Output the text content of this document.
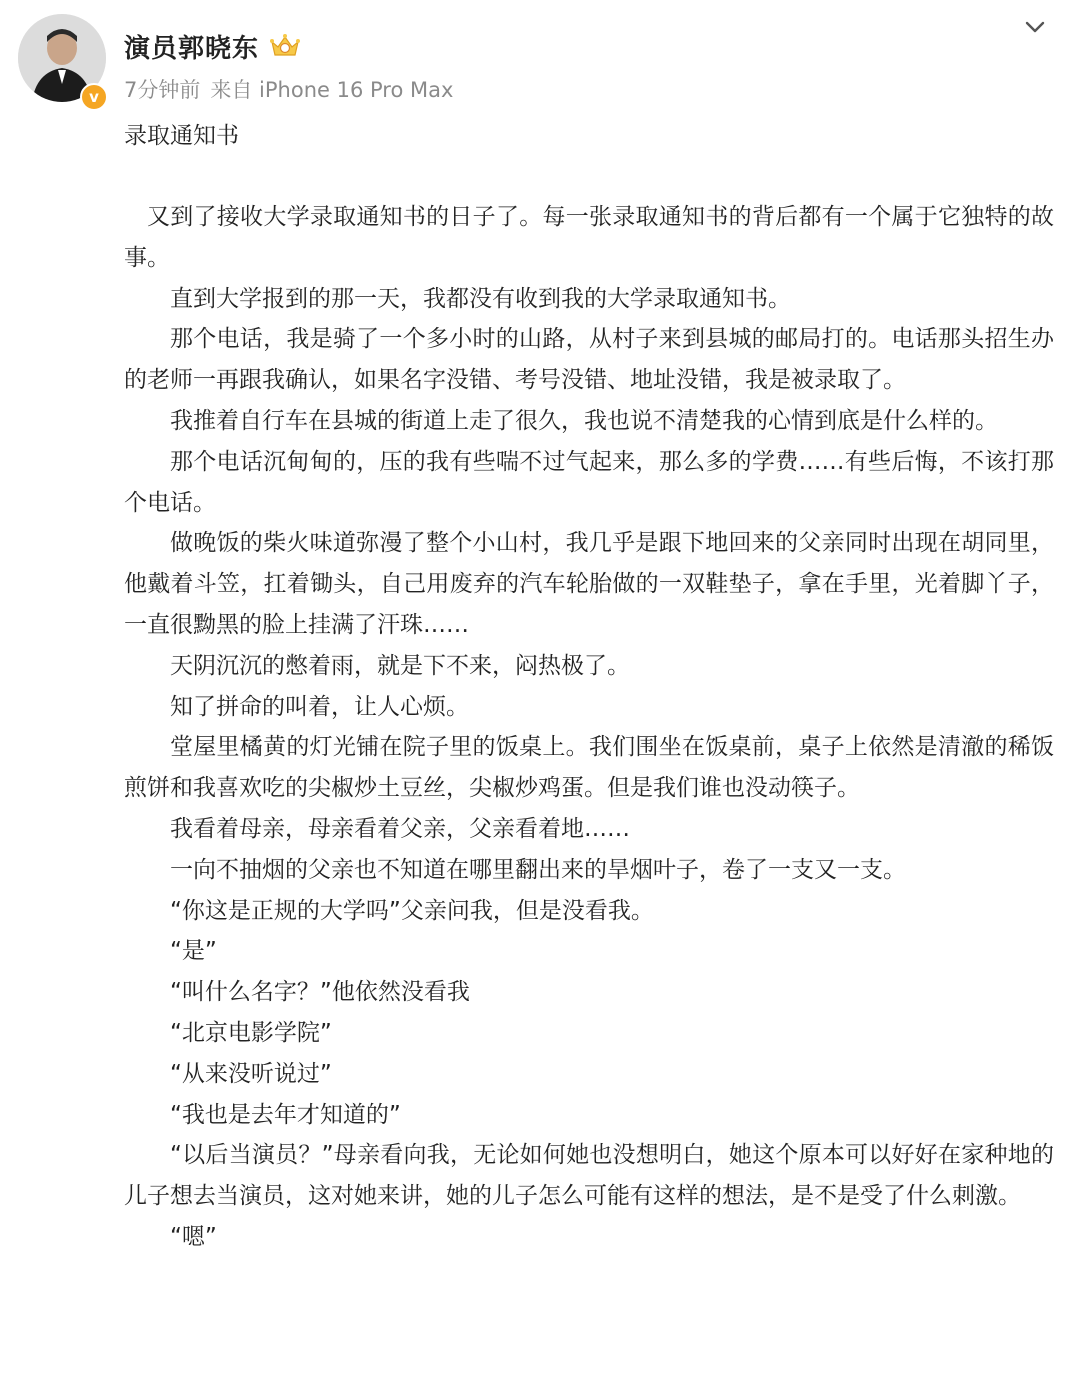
v
演员郭晓东
7分钟前 来自 iPhone 16 Pro Max

录取通知书

又到了接收大学录取通知书的日子了。每一张录取通知书的背后都有一个属于它独特的故事。

直到大学报到的那一天，我都没有收到我的大学录取通知书。

那个电话，我是骑了一个多小时的山路，从村子来到县城的邮局打的。电话那头招生办的老师一再跟我确认，如果名字没错、考号没错、地址没错，我是被录取了。

我推着自行车在县城的街道上走了很久，我也说不清楚我的心情到底是什么样的。

那个电话沉甸甸的，压的我有些喘不过气起来，那么多的学费……有些后悔，不该打那个电话。

做晚饭的柴火味道弥漫了整个小山村，我几乎是跟下地回来的父亲同时出现在胡同里，他戴着斗笠，扛着锄头，自己用废弃的汽车轮胎做的一双鞋垫子，拿在手里，光着脚丫子，一直很黝黑的脸上挂满了汗珠……

天阴沉沉的憋着雨，就是下不来，闷热极了。

知了拼命的叫着，让人心烦。

堂屋里橘黄的灯光铺在院子里的饭桌上。我们围坐在饭桌前，桌子上依然是清澈的稀饭煎饼和我喜欢吃的尖椒炒土豆丝，尖椒炒鸡蛋。但是我们谁也没动筷子。

我看着母亲，母亲看着父亲，父亲看着地……

一向不抽烟的父亲也不知道在哪里翻出来的旱烟叶子，卷了一支又一支。

“你这是正规的大学吗”父亲问我，但是没看我。

“是”

“叫什么名字？”他依然没看我

“北京电影学院”

“从来没听说过”

“我也是去年才知道的”

“以后当演员？”母亲看向我，无论如何她也没想明白，她这个原本可以好好在家种地的儿子想去当演员，这对她来讲，她的儿子怎么可能有这样的想法，是不是受了什么刺激。

“嗯”
